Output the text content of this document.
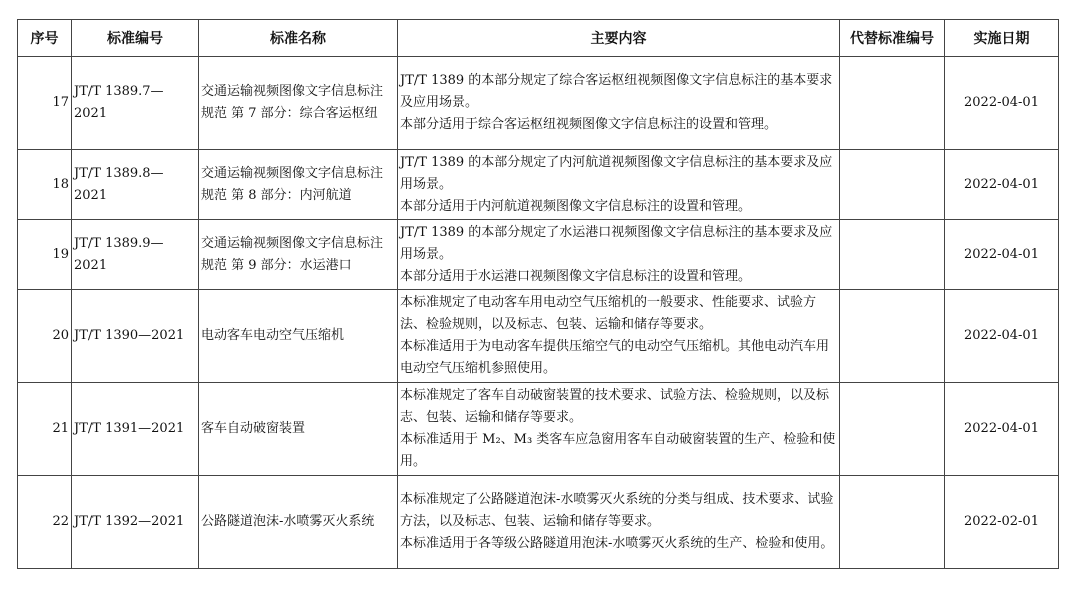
序号	标准编号	标准名称	主要内容	代替标准编号	实施日期
17	JT/T 1389.7—2021	交通运输视频图像文字信息标注规范 第 7 部分：综合客运枢纽	JT/T 1389 的本部分规定了综合客运枢纽视频图像文字信息标注的基本要求及应用场景。
本部分适用于综合客运枢纽视频图像文字信息标注的设置和管理。		2022-04-01
18	JT/T 1389.8—2021	交通运输视频图像文字信息标注规范 第 8 部分：内河航道	JT/T 1389 的本部分规定了内河航道视频图像文字信息标注的基本要求及应用场景。
本部分适用于内河航道视频图像文字信息标注的设置和管理。		2022-04-01
19	JT/T 1389.9—2021	交通运输视频图像文字信息标注规范 第 9 部分：水运港口	JT/T 1389 的本部分规定了水运港口视频图像文字信息标注的基本要求及应用场景。
本部分适用于水运港口视频图像文字信息标注的设置和管理。		2022-04-01
20	JT/T 1390—2021	电动客车电动空气压缩机	本标准规定了电动客车用电动空气压缩机的一般要求、性能要求、试验方法、检验规则，以及标志、包装、运输和储存等要求。
本标准适用于为电动客车提供压缩空气的电动空气压缩机。其他电动汽车用电动空气压缩机参照使用。		2022-04-01
21	JT/T 1391—2021	客车自动破窗装置	本标准规定了客车自动破窗装置的技术要求、试验方法、检验规则，以及标志、包装、运输和储存等要求。
本标准适用于 M₂、M₃ 类客车应急窗用客车自动破窗装置的生产、检验和使用。		2022-04-01
22	JT/T 1392—2021	公路隧道泡沫-水喷雾灭火系统	本标准规定了公路隧道泡沫-水喷雾灭火系统的分类与组成、技术要求、试验方法，以及标志、包装、运输和储存等要求。
本标准适用于各等级公路隧道用泡沫-水喷雾灭火系统的生产、检验和使用。		2022-02-01
